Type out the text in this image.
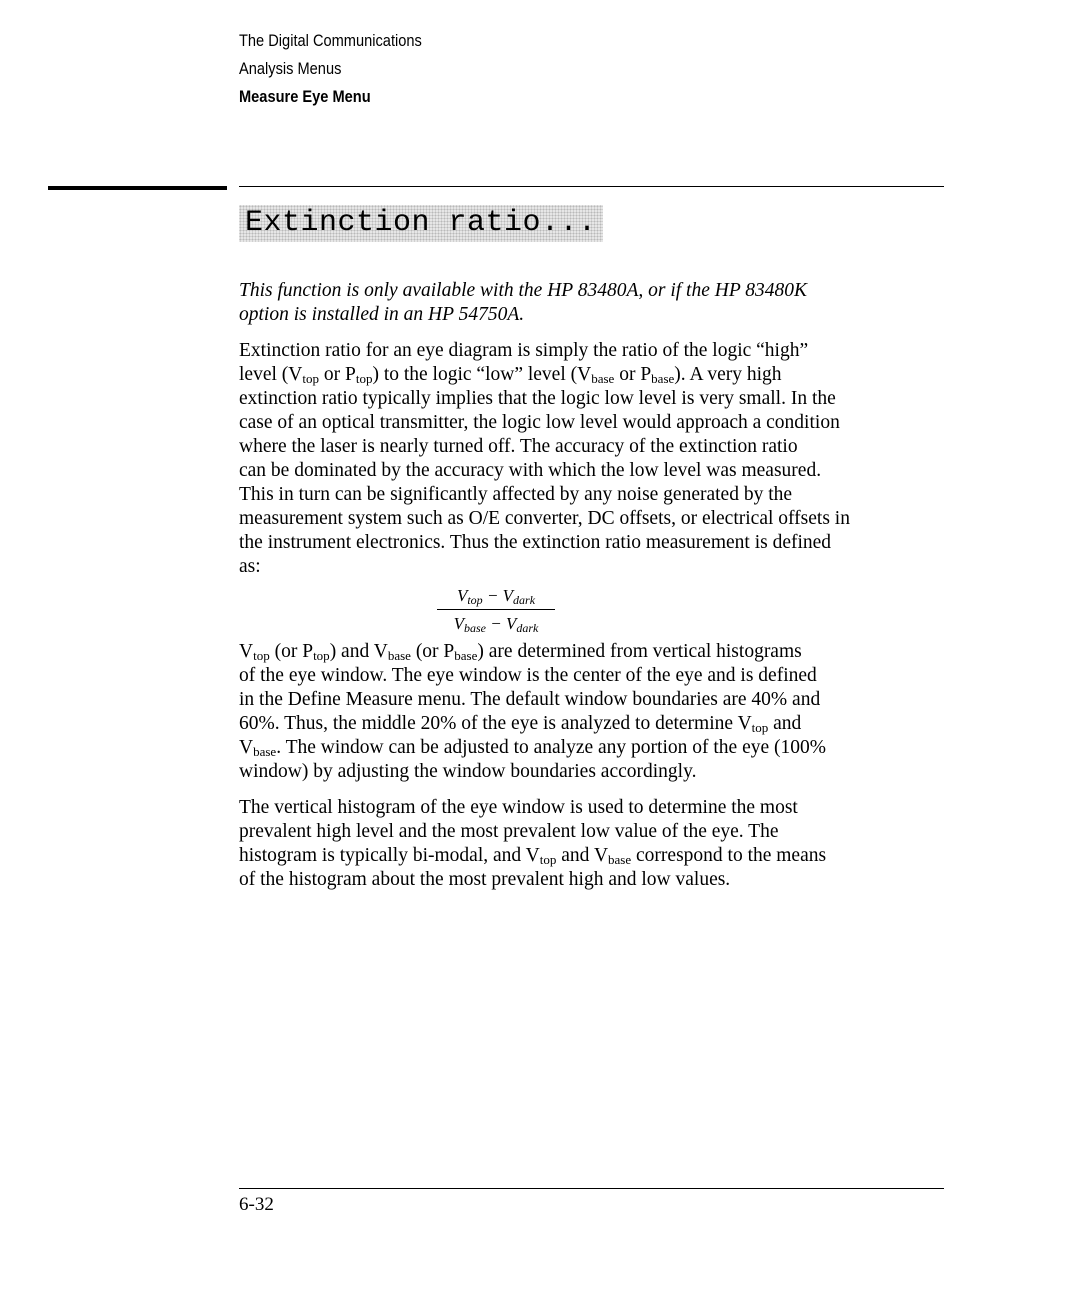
The Digital Communications
Analysis Menus
Measure Eye Menu
Extinction ratio...
This function is only available with the HP 83480A, or if the HP 83480K
option is installed in an HP 54750A.
Extinction ratio for an eye diagram is simply the ratio of the logic “high”
level ($V_{top}$ or $P_{top}$) to the logic “low” level ($V_{base}$ or $P_{base}$). A very high
extinction ratio typically implies that the logic low level is very small. In the
case of an optical transmitter, the logic low level would approach a condition
where the laser is nearly turned off. The accuracy of the extinction ratio
can be dominated by the accuracy with which the low level was measured.
This in turn can be significantly affected by any noise generated by the
measurement system such as O/E converter, DC offsets, or electrical offsets in
the instrument electronics. Thus the extinction ratio measurement is defined
as:
$V_{top} - V_{dark}$
$V_{base} - V_{dark}$
$V_{top}$ (or $P_{top}$) and $V_{base}$ (or $P_{base}$) are determined from vertical histograms
of the eye window. The eye window is the center of the eye and is defined
in the Define Measure menu. The default window boundaries are 40% and
60%. Thus, the middle 20% of the eye is analyzed to determine $V_{top}$ and
$V_{base}$. The window can be adjusted to analyze any portion of the eye (100%
window) by adjusting the window boundaries accordingly.
The vertical histogram of the eye window is used to determine the most
prevalent high level and the most prevalent low value of the eye. The
histogram is typically bi-modal, and $V_{top}$ and $V_{base}$ correspond to the means
of the histogram about the most prevalent high and low values.
6-32
